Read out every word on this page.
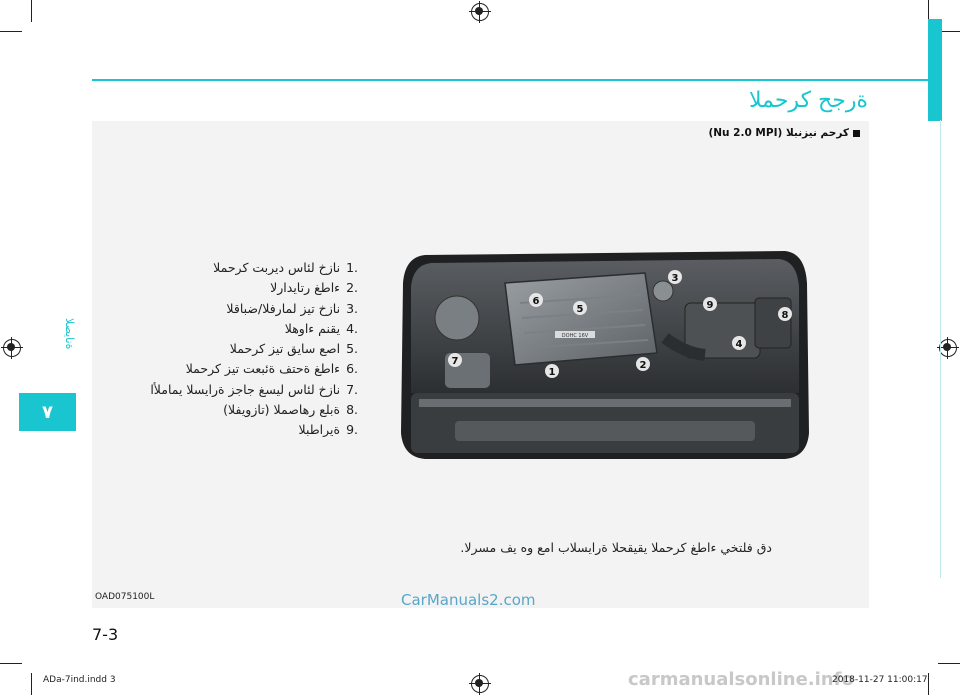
ةنايصلا
٧
ةرجح كرحملا
كرحم نيزنبلا (Nu 2.0 MPI)
.1نازخ لئاس ديربت كرحملا
.2ءاطغ رتايدارلا
.3نازخ تيز لمارفلا/ضباقلا
.4يقنم ءاوهلا
.5اصع سايق تيز كرحملا
.6ءاطغ ةحتف ةئبعت تيز كرحملا
.7نازخ لئاس ليسغ جاجز ةرايسلا يماملأا
.8ةبلع رهاصملا (تازويفلا)
.9ةيراطبلا
DOHC 16V
1
2
3
4
5
6
7
8
9
دق فلتخي ءاطغ كرحملا يقيقحلا ةرايسلاب امع وه يف مسرلا.
OAD075100L	CarManuals2.com
7-3
ADa-7ind.indd 3	carmanualsonline.info
2018-11-27 11:00:17
